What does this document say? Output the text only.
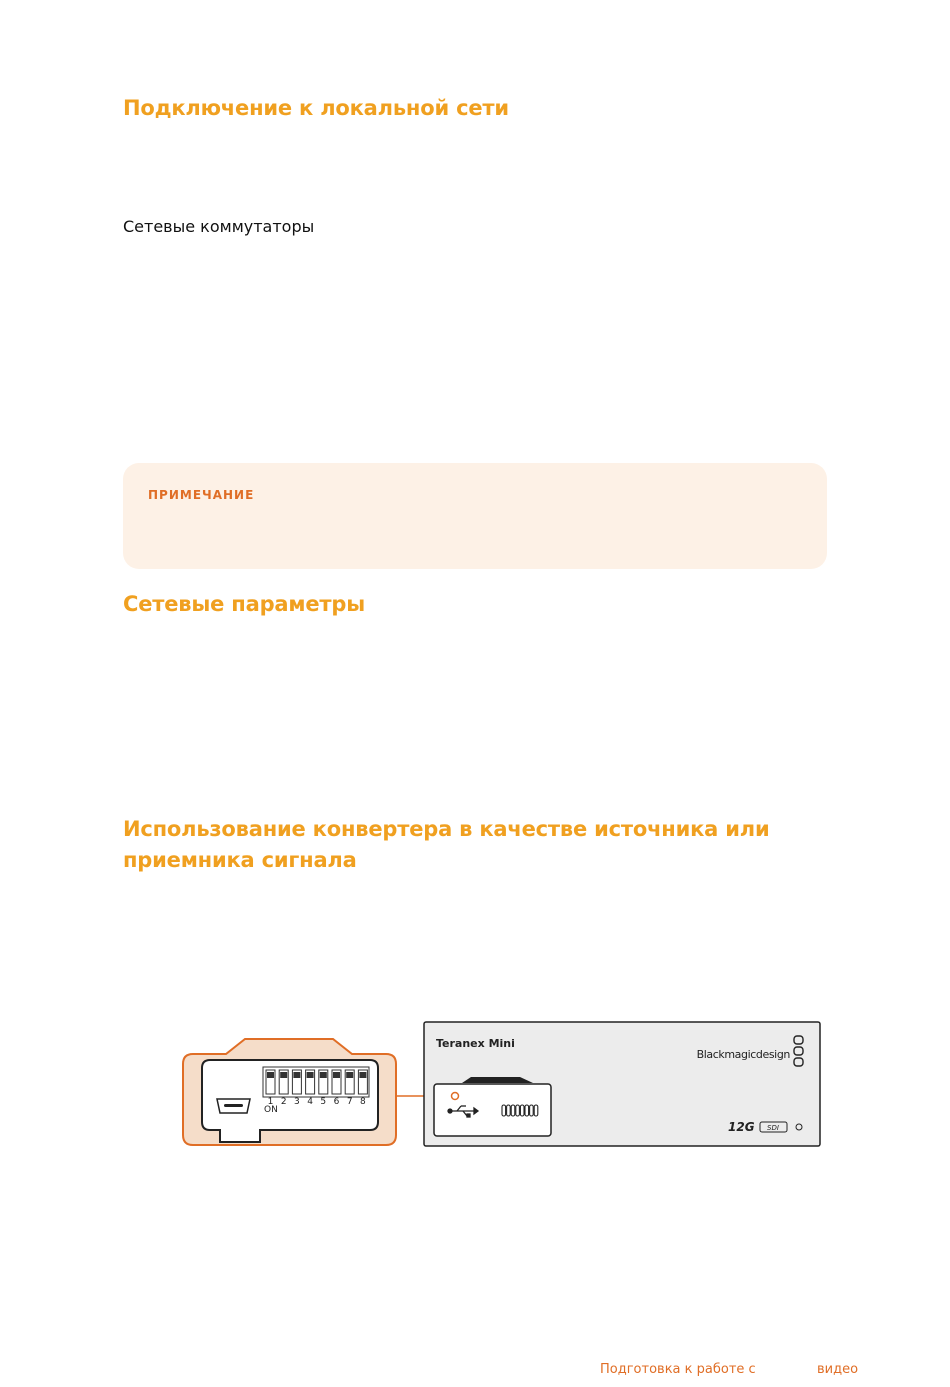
Подключение к локальной сети
Сетевые коммутаторы
ПРИМЕЧАНИЕ
Сетевые параметры
Использование конвертера в качестве источника или
приемника сигнала
1 2 3 4 5 6 7 8
ON
Teranex Mini
Blackmagicdesign
12G SDI
Подготовка к работе с	видео
